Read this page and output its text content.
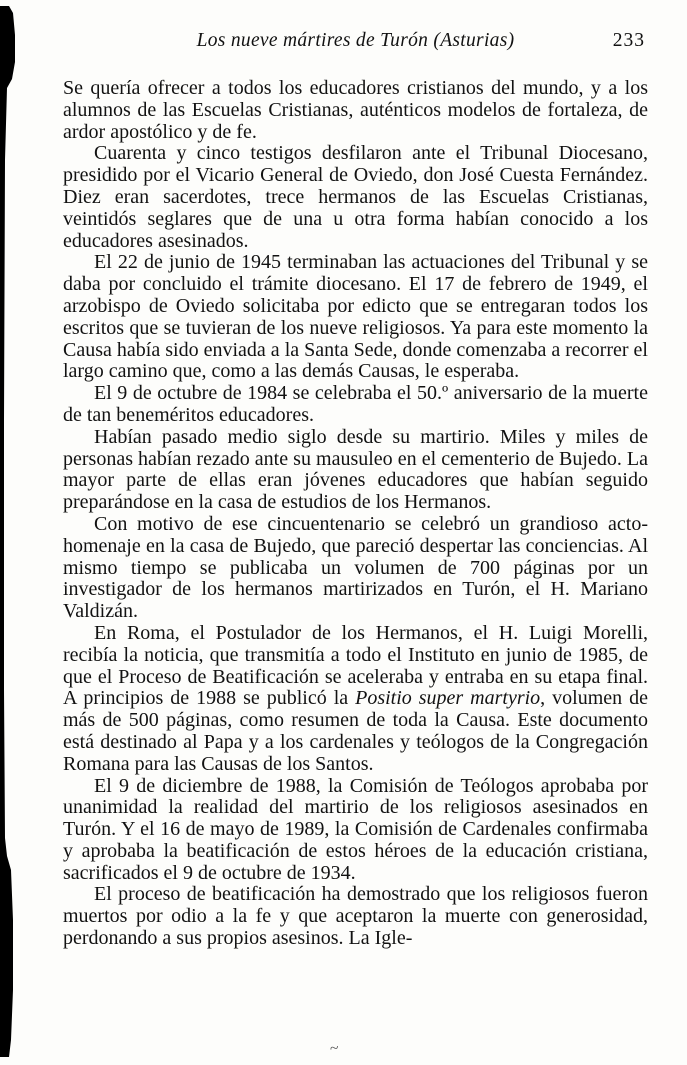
Los nueve mártires de Turón (Asturias)	233

Se quería ofrecer a todos los educadores cristianos del mundo, y a los alumnos de las Escuelas Cristianas, auténticos modelos de fortaleza, de ardor apostólico y de fe.

Cuarenta y cinco testigos desfilaron ante el Tribunal Diocesano, presidido por el Vicario General de Oviedo, don José Cuesta Fernández. Diez eran sacerdotes, trece hermanos de las Escuelas Cristianas, veintidós seglares que de una u otra forma habían conocido a los educadores asesinados.

El 22 de junio de 1945 terminaban las actuaciones del Tribunal y se daba por concluido el trámite diocesano. El 17 de febrero de 1949, el arzobispo de Oviedo solicitaba por edicto que se entregaran todos los escritos que se tuvieran de los nueve religiosos. Ya para este momento la Causa había sido enviada a la Santa Sede, donde comenzaba a recorrer el largo camino que, como a las demás Causas, le esperaba.

El 9 de octubre de 1984 se celebraba el 50.º aniversario de la muerte de tan beneméritos educadores.

Habían pasado medio siglo desde su martirio. Miles y miles de personas habían rezado ante su mausuleo en el cementerio de Bujedo. La mayor parte de ellas eran jóvenes educadores que habían seguido preparándose en la casa de estudios de los Hermanos.

Con motivo de ese cincuentenario se celebró un grandioso acto-homenaje en la casa de Bujedo, que pareció despertar las conciencias. Al mismo tiempo se publicaba un volumen de 700 páginas por un investigador de los hermanos martirizados en Turón, el H. Mariano Valdizán.

En Roma, el Postulador de los Hermanos, el H. Luigi Morelli, recibía la noticia, que transmitía a todo el Instituto en junio de 1985, de que el Proceso de Beatificación se aceleraba y entraba en su etapa final. A principios de 1988 se publicó la Positio super martyrio, volumen de más de 500 páginas, como resumen de toda la Causa. Este documento está destinado al Papa y a los cardenales y teólogos de la Congregación Romana para las Causas de los Santos.

El 9 de diciembre de 1988, la Comisión de Teólogos aprobaba por unanimidad la realidad del martirio de los religiosos asesinados en Turón. Y el 16 de mayo de 1989, la Comisión de Cardenales confirmaba y aprobaba la beatificación de estos héroes de la educación cristiana, sacrificados el 9 de octubre de 1934.

El proceso de beatificación ha demostrado que los religiosos fueron muertos por odio a la fe y que aceptaron la muerte con generosidad, perdonando a sus propios asesinos. La Igle-

~
